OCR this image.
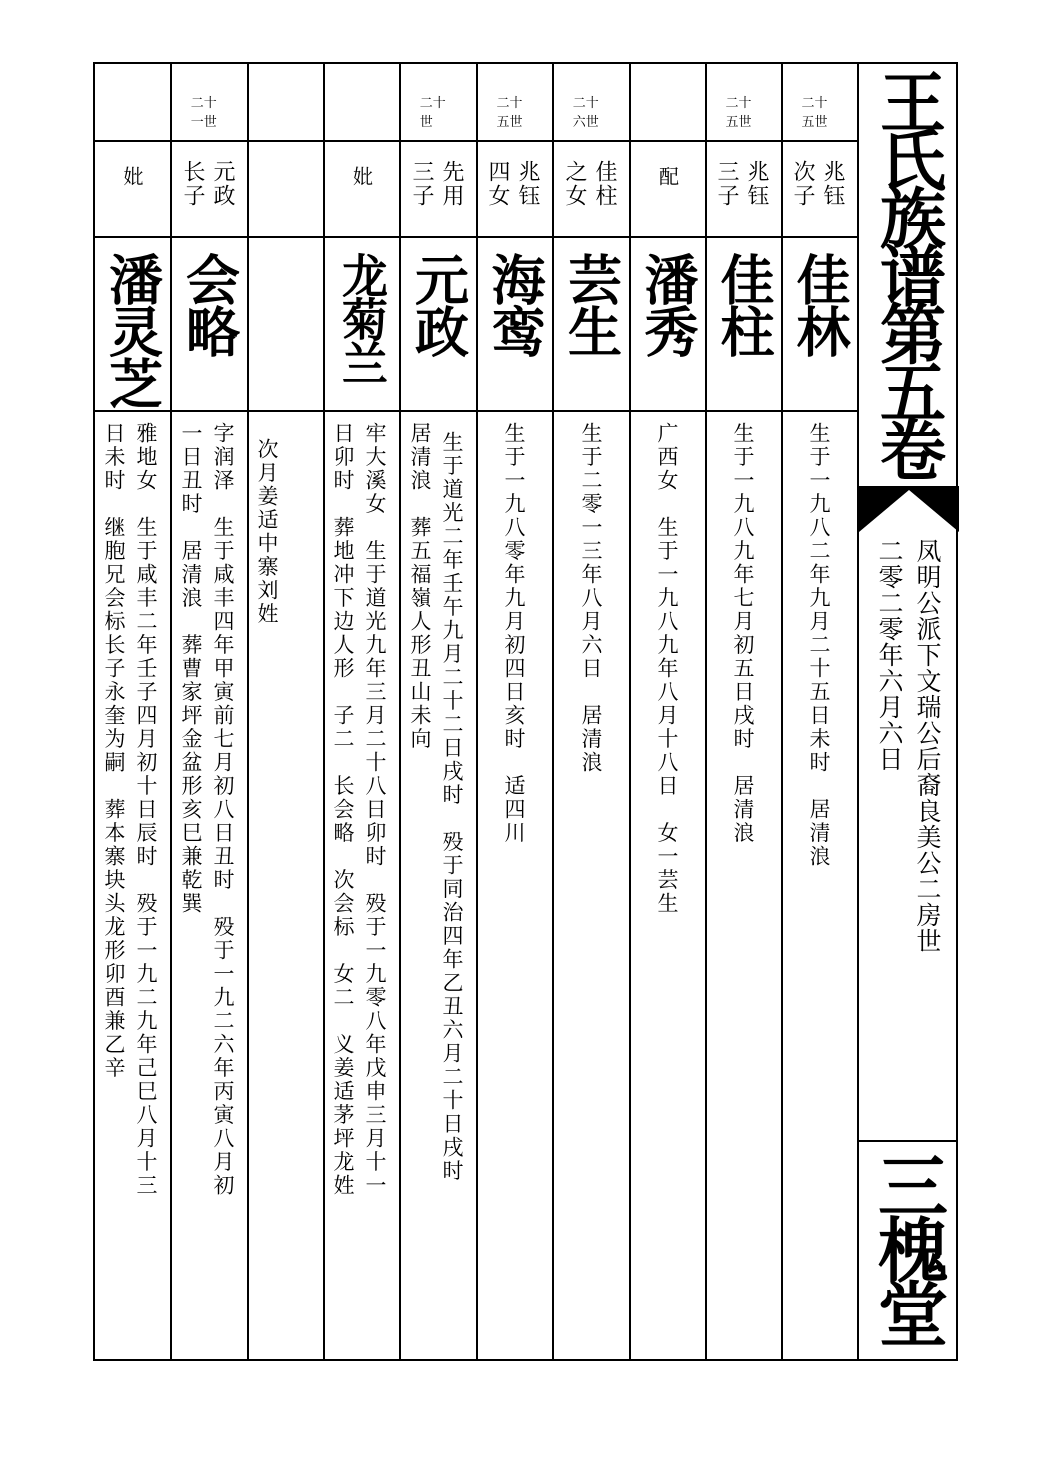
妣
潘灵芝
雅地女　生于咸丰二年壬子四月初十日辰时　殁于一九二九年己巳八月十三
日未时　继胞兄会标长子永奎为嗣　葬本寨块头龙形卯酉兼乙辛
二十一世
元政
长子
会略
字润泽　生于咸丰四年甲寅前七月初八日丑时　殁于一九二六年丙寅八月初
一日丑时　居清浪　葬曹家坪金盆形亥巳兼乾巽

次月姜适中寨刘姓
妣
龙菊兰
牢大溪女　生于道光九年三月二十八日卯时　殁于一九零八年戊申三月十一
日卯时　葬地冲下边人形　子二　长会略　次会标　女二　义姜适茅坪龙姓
二十世
先用
三子
元政
生于道光二年壬午九月二十二日戌时　殁于同治四年乙丑六月二十日戌时
居清浪　葬五福嶺人形丑山未向
二十五世
兆钰
四女
海鸾
生于一九八零年九月初四日亥时　适四川
二十六世
佳柱
之女
芸生
生于二零一三年八月六日　居清浪
配
潘秀
广西女　生于一九八九年八月十八日　女一芸生
二十五世
兆钰
三子
佳柱
生于一九八九年七月初五日戌时　居清浪
二十五世
兆钰
次子
佳林
生于一九八二年九月二十五日未时　居清浪
王氏族谱第五卷
凤明公派下文瑞公后裔良美公二房世
二零二零年六月六日
三槐堂
